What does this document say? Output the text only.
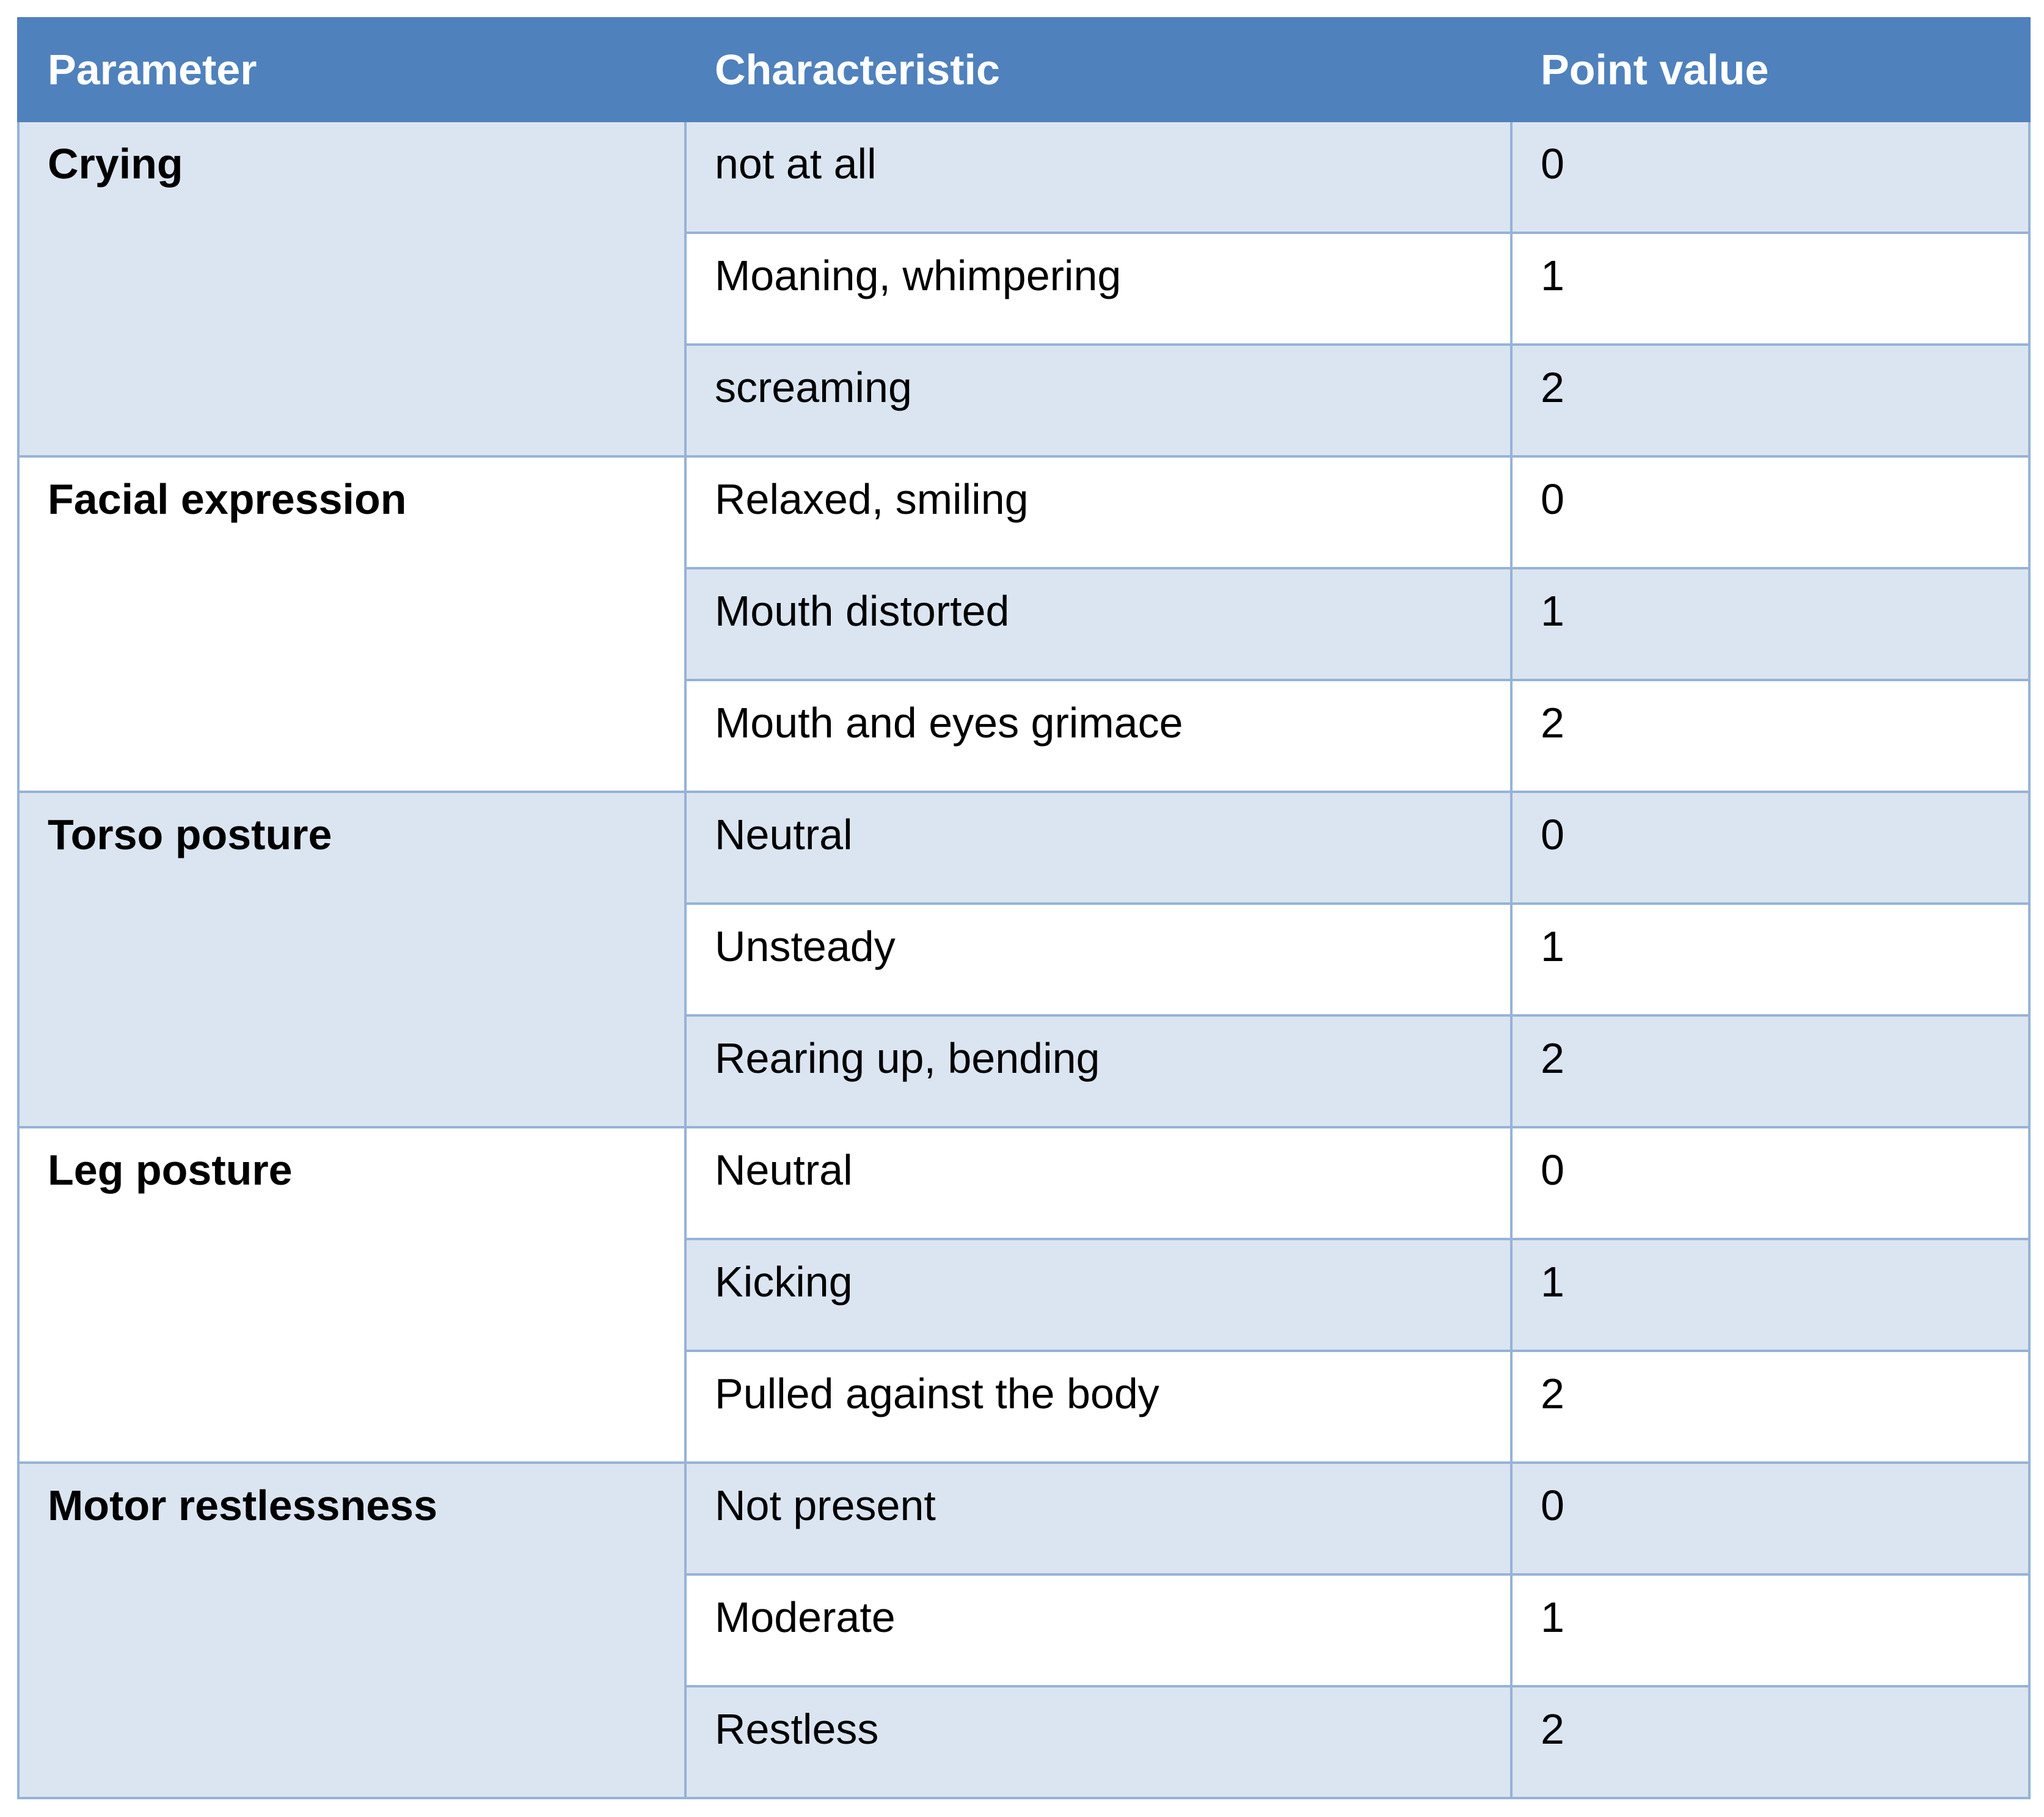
Parameter	Characteristic	Point value
Crying	not at all	0
	Moaning, whimpering	1
	screaming	2
Facial expression	Relaxed, smiling	0
	Mouth distorted	1
	Mouth and eyes grimace	2
Torso posture	Neutral	0
	Unsteady	1
	Rearing up, bending	2
Leg posture	Neutral	0
	Kicking	1
	Pulled against the body	2
Motor restlessness	Not present	0
	Moderate	1
	Restless	2
